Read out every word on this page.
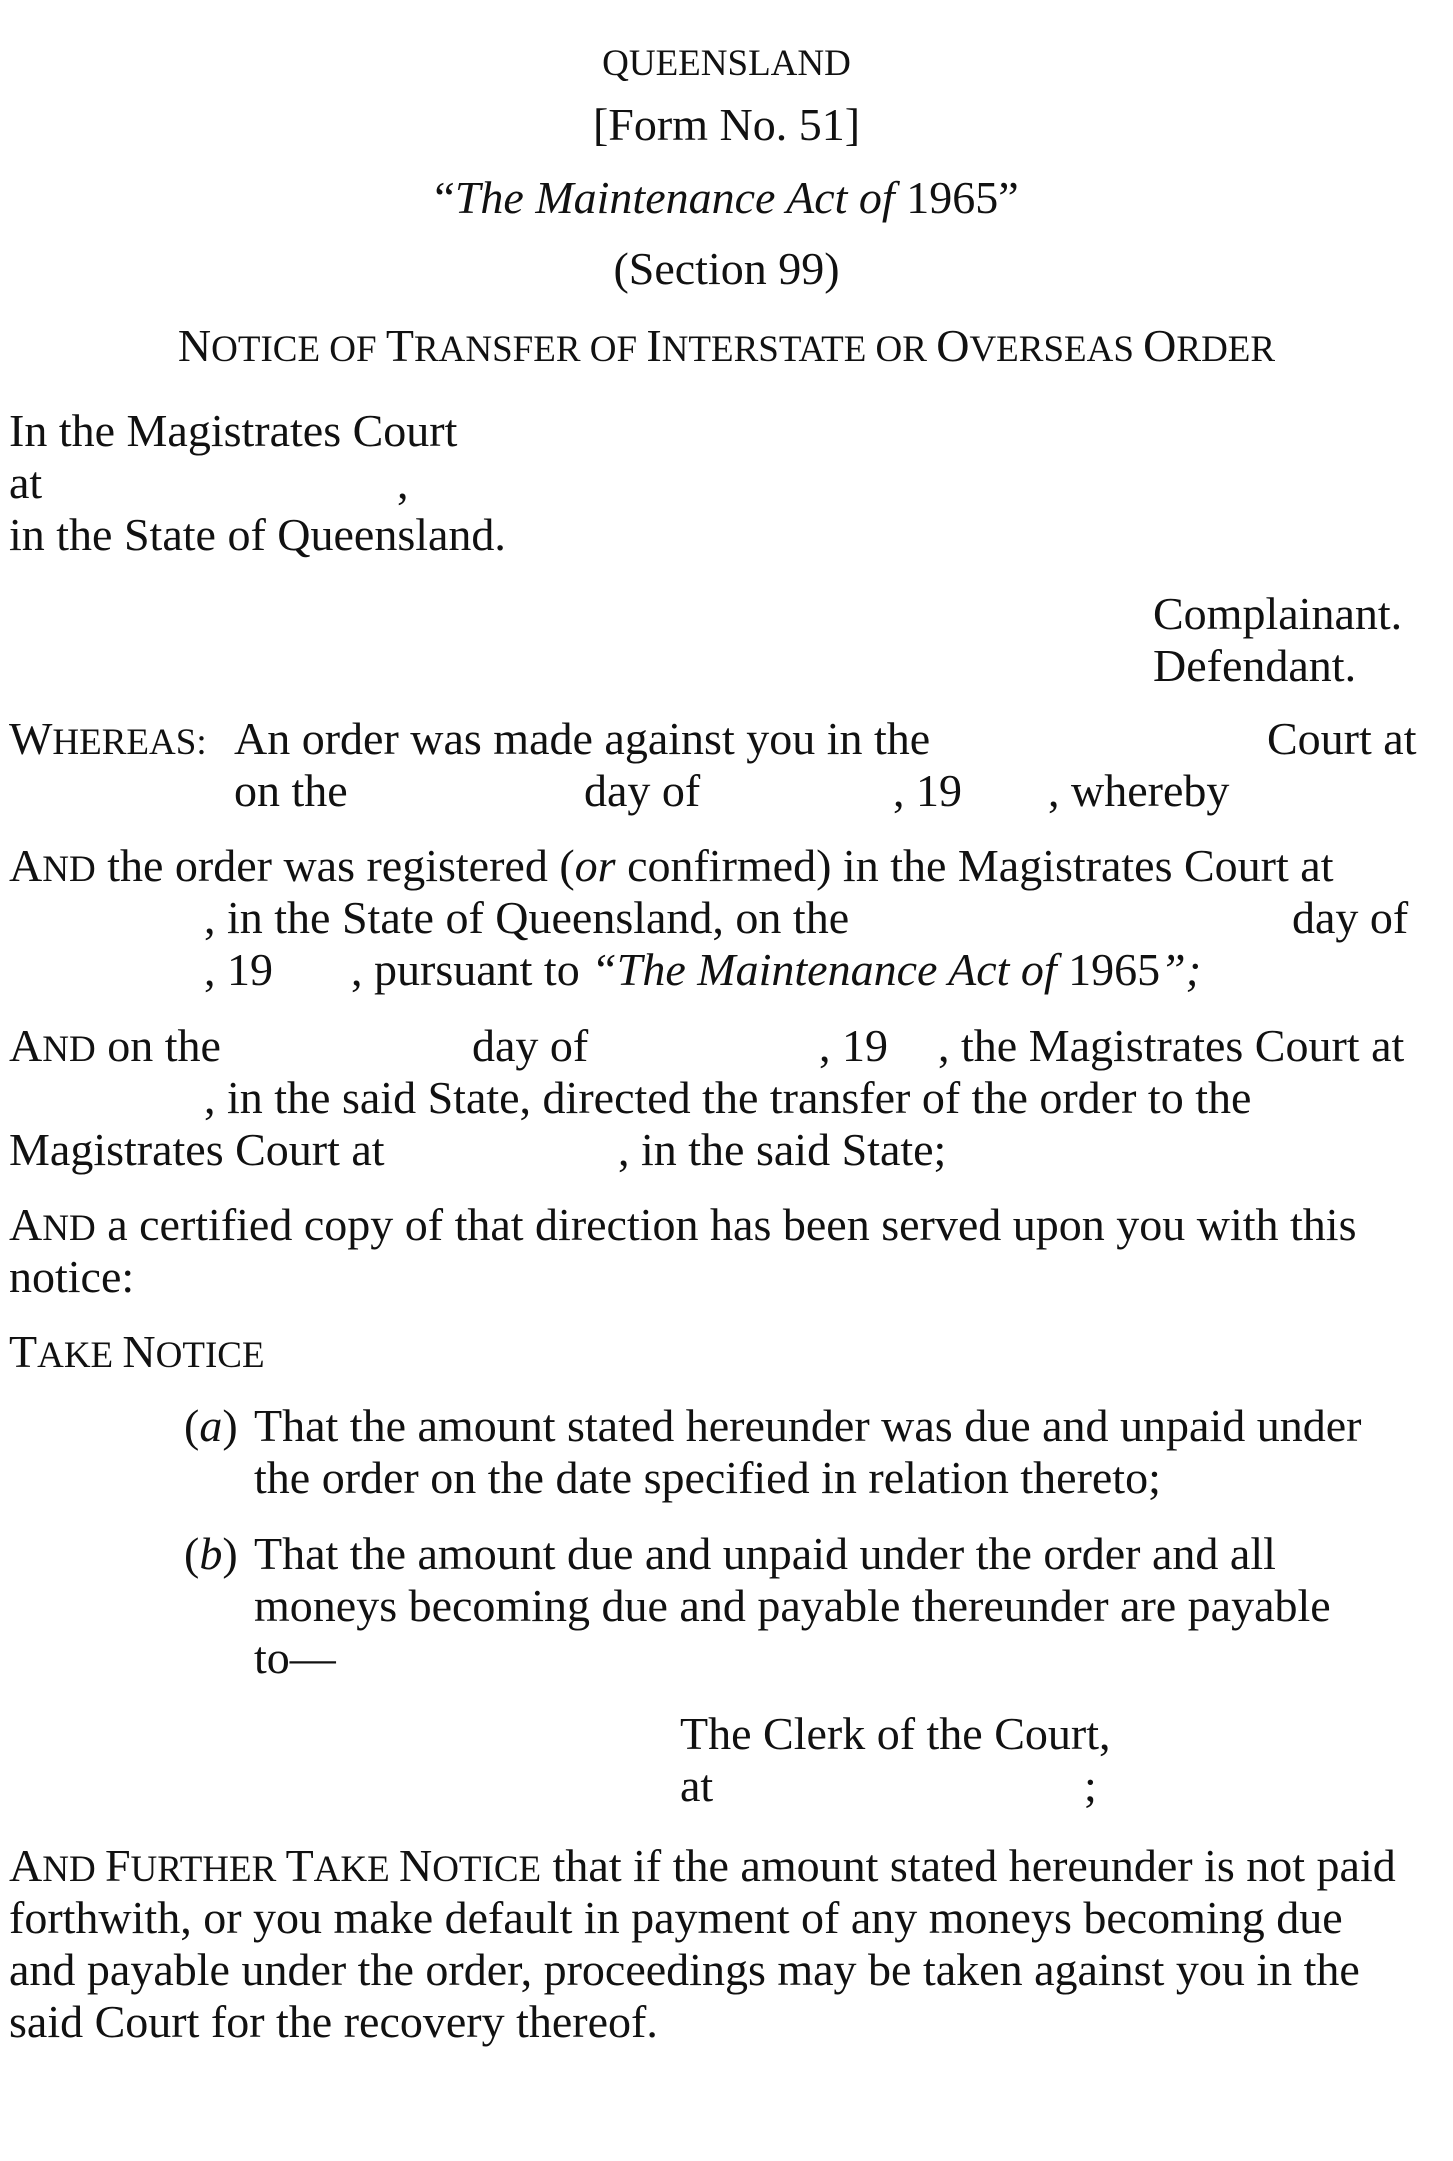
QUEENSLAND
[Form No. 51]
“The Maintenance Act of 1965”
(Section 99)
NOTICE OF TRANSFER OF INTERSTATE OR OVERSEAS ORDER
In the Magistrates Court
at	,
in the State of Queensland.
Complainant.
Defendant.
WHEREAS: An order was made against you in the	Court at
on the	day of	, 19 , whereby
AND the order was registered (or confirmed) in the Magistrates Court at
, in the State of Queensland, on the	day of
, 19 , pursuant to “The Maintenance Act of 1965”;
AND on the	day of	, 19 , the Magistrates Court at
, in the said State, directed the transfer of the order to the
Magistrates Court at	, in the said State;
AND a certified copy of that direction has been served upon you with this
notice:
TAKE NOTICE
(a) That the amount stated hereunder was due and unpaid under
the order on the date specified in relation thereto;
(b) That the amount due and unpaid under the order and all
moneys becoming due and payable thereunder are payable
to—
The Clerk of the Court,
at	;
AND FURTHER TAKE NOTICE that if the amount stated hereunder is not paid
forthwith, or you make default in payment of any moneys becoming due
and payable under the order, proceedings may be taken against you in the
said Court for the recovery thereof.
